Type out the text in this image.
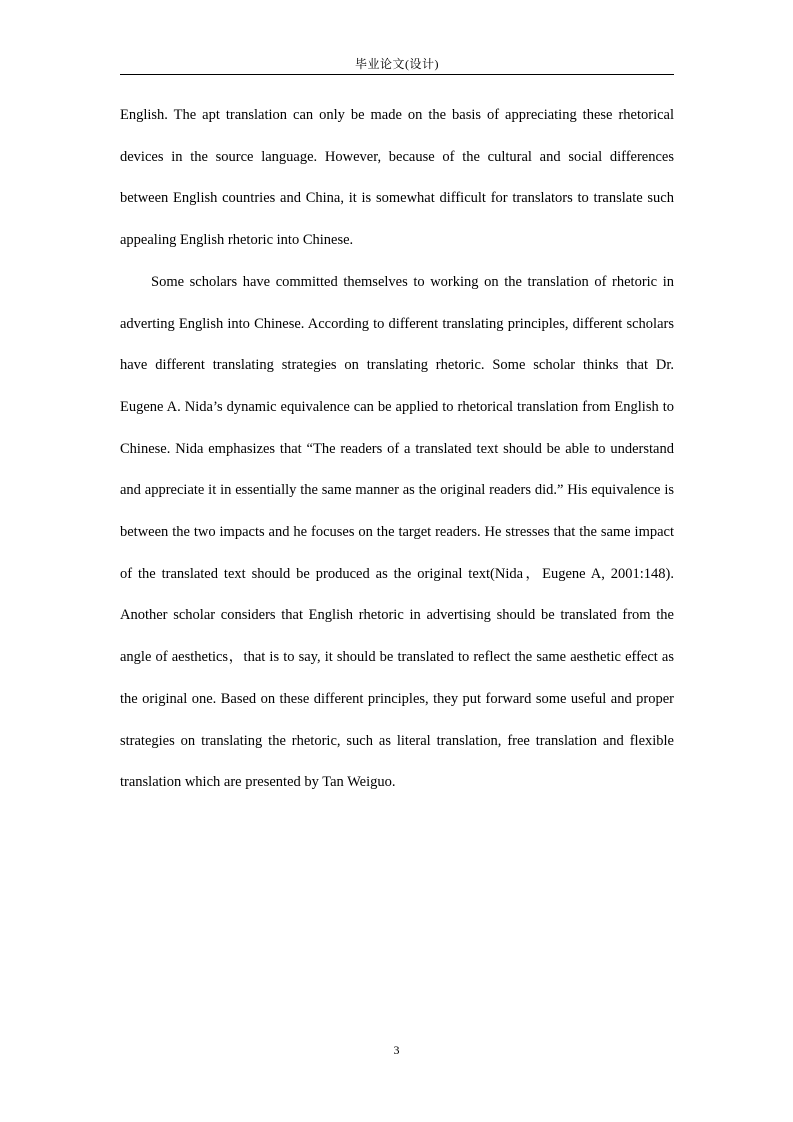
毕业论文(设计)

English. The apt translation can only be made on the basis of appreciating these rhetorical devices in the source language. However, because of the cultural and social differences between English countries and China, it is somewhat difficult for translators to translate such appealing English rhetoric into Chinese.

Some scholars have committed themselves to working on the translation of rhetoric in adverting English into Chinese. According to different translating principles, different scholars have different translating strategies on translating rhetoric. Some scholar thinks that Dr. Eugene A. Nida’s dynamic equivalence can be applied to rhetorical translation from English to Chinese. Nida emphasizes that “The readers of a translated text should be able to understand and appreciate it in essentially the same manner as the original readers did.” His equivalence is between the two impacts and he focuses on the target readers. He stresses that the same impact of the translated text should be produced as the original text(Nida，Eugene A, 2001:148). Another scholar considers that English rhetoric in advertising should be translated from the angle of aesthetics，that is to say, it should be translated to reflect the same aesthetic effect as the original one. Based on these different principles, they put forward some useful and proper strategies on translating the rhetoric, such as literal translation, free translation and flexible translation which are presented by Tan Weiguo.

3
